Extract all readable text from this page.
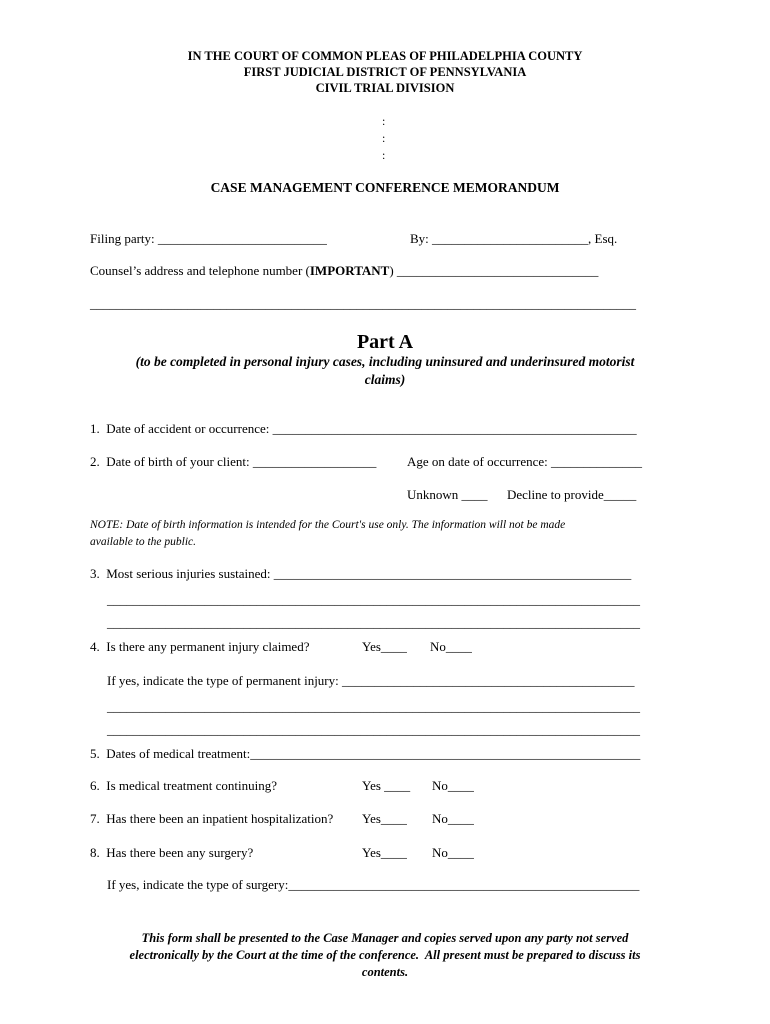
IN THE COURT OF COMMON PLEAS OF PHILADELPHIA COUNTY
FIRST JUDICIAL DISTRICT OF PENNSYLVANIA
CIVIL TRIAL DIVISION
:
:
:
CASE MANAGEMENT CONFERENCE MEMORANDUM
Filing party: __________________________	By: ________________________, Esq.
Counsel’s address and telephone number (IMPORTANT) _______________________________
____________________________________________________________________________________
Part A
(to be completed in personal injury cases, including uninsured and underinsured motorist
claims)
1.  Date of accident or occurrence: ________________________________________________________
2.  Date of birth of your client: ___________________ Age on date of occurrence: ______________
Unknown ____ Decline to provide_____
NOTE: Date of birth information is intended for the Court's use only. The information will not be made
available to the public.
3.  Most serious injuries sustained: _______________________________________________________
__________________________________________________________________________________
__________________________________________________________________________________
4.  Is there any permanent injury claimed?	Yes____ No____
If yes, indicate the type of permanent injury: _____________________________________________
__________________________________________________________________________________
__________________________________________________________________________________
5.  Dates of medical treatment:____________________________________________________________
6.  Is medical treatment continuing?	Yes ____ No____
7.  Has there been an inpatient hospitalization? Yes____ No____
8.  Has there been any surgery?	Yes____ No____
If yes, indicate the type of surgery:______________________________________________________
This form shall be presented to the Case Manager and copies served upon any party not served
electronically by the Court at the time of the conference.  All present must be prepared to discuss its
contents.
